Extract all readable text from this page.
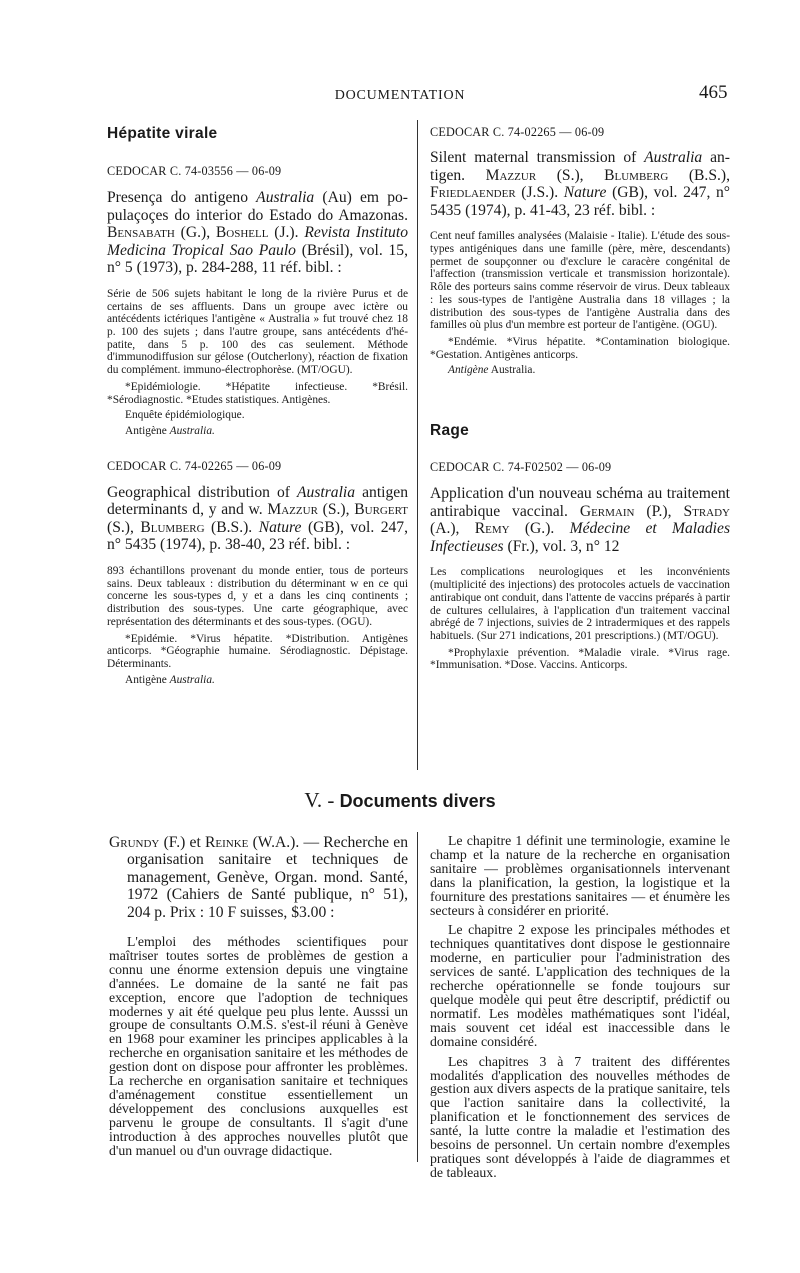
DOCUMENTATION	465
Hépatite virale
CEDOCAR C. 74-03556 — 06-09
Presença do antigeno Australia (Au) em populaçoçes do interior do Estado do Amazonas. Bensabath (G.), Boshell (J.). Revista Instituto Medicina Tropical Sao Paulo (Brésil), vol. 15, n° 5 (1973), p. 284-288, 11 réf. bibl. :
Série de 506 sujets habitant le long de la rivière Purus et de certains de ses affluents. Dans un groupe avec ictère ou antécédents ictériques l'antigène « Australia » fut trouvé chez 18 p. 100 des sujets ; dans l'autre groupe, sans antécédents d'hépatite, dans 5 p. 100 des cas seulement. Méthode d'immunodiffusion sur gélose (Outcherlony), réaction de fixation du complément. immuno-électrophorèse. (MT/OGU).
*Epidémiologie. *Hépatite infectieuse. *Brésil. *Sérodiagnostic. *Etudes statistiques. Antigènes.
Enquête épidémiologique.
Antigène Australia.
CEDOCAR C. 74-02265 — 06-09
Geographical distribution of Australia antigen determinants d, y and w. Mazzur (S.), Burgert (S.), Blumberg (B.S.). Nature (GB), vol. 247, n° 5435 (1974), p. 38-40, 23 réf. bibl. :
893 échantillons provenant du monde entier, tous de porteurs sains. Deux tableaux : distribution du déterminant w en ce qui concerne les sous-types d, y et a dans les cinq continents ; distribution des sous-types. Une carte géographique, avec représentation des déterminants et des sous-types. (OGU).
*Epidémie. *Virus hépatite. *Distribution. Antigènes anticorps. *Géographie humaine. Sérodiagnostic. Dépistage. Déterminants.
Antigène Australia.
CEDOCAR C. 74-02265 — 06-09
Silent maternal transmission of Australia antigen. Mazzur (S.), Blumberg (B.S.), Friedlaender (J.S.). Nature (GB), vol. 247, n° 5435 (1974), p. 41-43, 23 réf. bibl. :
Cent neuf familles analysées (Malaisie - Italie). L'étude des sous-types antigéniques dans une famille (père, mère, descendants) permet de soupçonner ou d'exclure le caracère congénital de l'affection (transmission verticale et transmission horizontale). Rôle des porteurs sains comme réservoir de virus. Deux tableaux : les sous-types de l'antigène Australia dans 18 villages ; la distribution des sous-types de l'antigène Australia dans des familles où plus d'un membre est porteur de l'antigène. (OGU).
*Endémie. *Virus hépatite. *Contamination biologique. *Gestation. Antigènes anticorps.
Antigène Australia.
Rage
CEDOCAR C. 74-F02502 — 06-09
Application d'un nouveau schéma au traitement antirabique vaccinal. Germain (P.), Strady (A.), Remy (G.). Médecine et Maladies Infectieuses (Fr.), vol. 3, n° 12
Les complications neurologiques et les inconvénients (multiplicité des injections) des protocoles actuels de vaccination antirabique ont conduit, dans l'attente de vaccins préparés à partir de cultures cellulaires, à l'application d'un traitement vaccinal abrégé de 7 injections, suivies de 2 intradermiques et des rappels habituels. (Sur 271 indications, 201 prescriptions.) (MT/OGU).
*Prophylaxie prévention. *Maladie virale. *Virus rage. *Immunisation. *Dose. Vaccins. Anticorps.
V. - Documents divers
Grundy (F.) et Reinke (W.A.). — Recherche en organisation sanitaire et techniques de management, Genève, Organ. mond. Santé, 1972 (Cahiers de Santé publique, n° 51), 204 p. Prix : 10 F suisses, $3.00 :

L'emploi des méthodes scientifiques pour maîtriser toutes sortes de problèmes de gestion a connu une énorme extension depuis une vingtaine d'années. Le domaine de la santé ne fait pas exception, encore que l'adoption de techniques modernes y ait été quelque peu plus lente. Ausssi un groupe de consultants O.M.S. s'est-il réuni à Genève en 1968 pour examiner les principes applicables à la recherche en organisation sanitaire et les méthodes de gestion dont on dispose pour affronter les problèmes. La recherche en organisation sanitaire et techniques d'aménagement constitue essentiellement un développement des conclusions auxquelles est parvenu le groupe de consultants. Il s'agit d'une introduction à des approches nouvelles plutôt que d'un manuel ou d'un ouvrage didactique.

Le chapitre 1 définit une terminologie, examine le champ et la nature de la recherche en organisation sanitaire — problèmes organisationnels intervenant dans la planification, la gestion, la logistique et la fourniture des prestations sanitaires — et énumère les secteurs à considérer en priorité.

Le chapitre 2 expose les principales méthodes et techniques quantitatives dont dispose le gestionnaire moderne, en particulier pour l'administration des services de santé. L'application des techniques de la recherche opérationnelle se fonde toujours sur quelque modèle qui peut être descriptif, prédictif ou normatif. Les modèles mathématiques sont l'idéal, mais souvent cet idéal est inaccessible dans le domaine considéré.

Les chapitres 3 à 7 traitent des différentes modalités d'application des nouvelles méthodes de gestion aux divers aspects de la pratique sanitaire, tels que l'action sanitaire dans la collectivité, la planification et le fonctionnement des services de santé, la lutte contre la maladie et l'estimation des besoins de personnel. Un certain nombre d'exemples pratiques sont développés à l'aide de diagrammes et de tableaux.
